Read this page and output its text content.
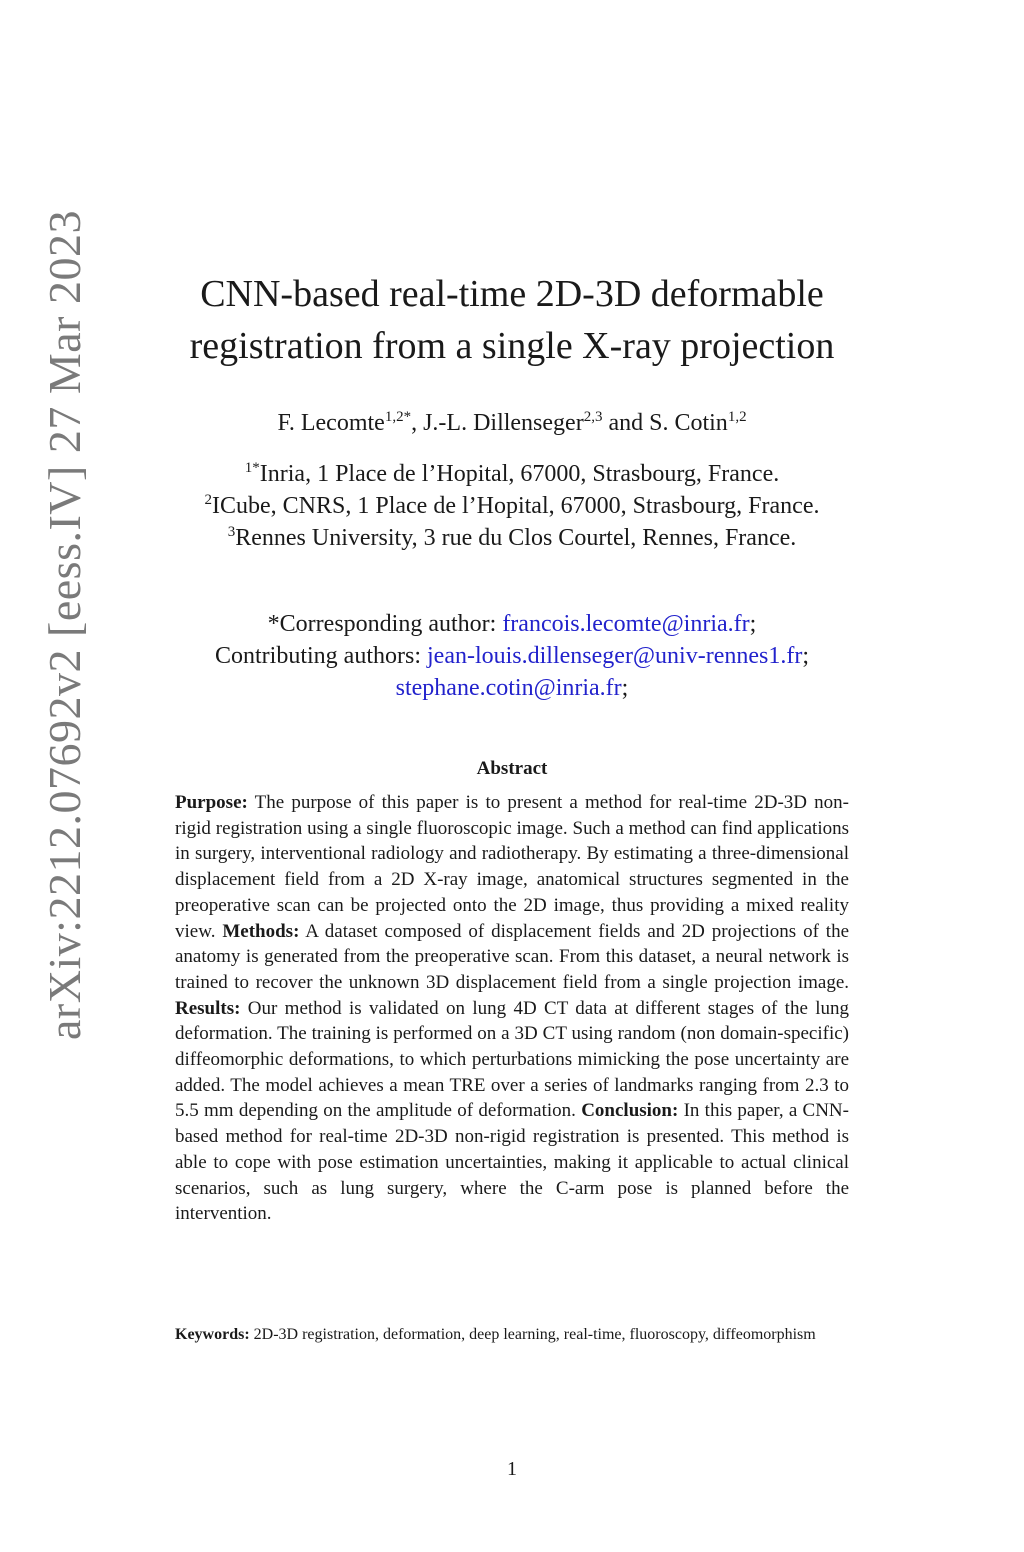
arXiv:2212.07692v2 [eess.IV] 27 Mar 2023	CNN-based real-time 2D-3D deformable registration from a single X-ray projection
F. Lecomte$^{1,2*}$, J.-L. Dillenseger$^{2,3}$ and S. Cotin$^{1,2}$
$^{1*}$Inria, 1 Place de l’Hopital, 67000, Strasbourg, France.
$^2$ICube, CNRS, 1 Place de l’Hopital, 67000, Strasbourg, France.
$^3$Rennes University, 3 rue du Clos Courtel, Rennes, France.
*Corresponding author: francois.lecomte@inria.fr;
Contributing authors: jean-louis.dillenseger@univ-rennes1.fr;
stephane.cotin@inria.fr;
Abstract

Purpose: The purpose of this paper is to present a method for real-time 2D-3D non-rigid registration using a single fluoroscopic image. Such a method can find applications in surgery, interventional radiology and radiotherapy. By estimating a three-dimensional displacement field from a 2D X-ray image, anatomical structures segmented in the preoperative scan can be projected onto the 2D image, thus providing a mixed reality view. Methods: A dataset composed of displacement fields and 2D projections of the anatomy is generated from the preoperative scan. From this dataset, a neural network is trained to recover the unknown 3D displacement field from a single projection image. Results: Our method is validated on lung 4D CT data at different stages of the lung deformation. The training is performed on a 3D CT using random (non domain-specific) diffeomorphic deformations, to which perturbations mimicking the pose uncertainty are added. The model achieves a mean TRE over a series of landmarks ranging from 2.3 to 5.5 mm depending on the amplitude of deformation. Conclusion: In this paper, a CNN-based method for real-time 2D-3D non-rigid registration is presented. This method is able to cope with pose estimation uncertainties, making it applicable to actual clinical scenarios, such as lung surgery, where the C-arm pose is planned before the intervention.

Keywords: 2D-3D registration, deformation, deep learning, real-time, fluoroscopy, diffeomorphism

1
